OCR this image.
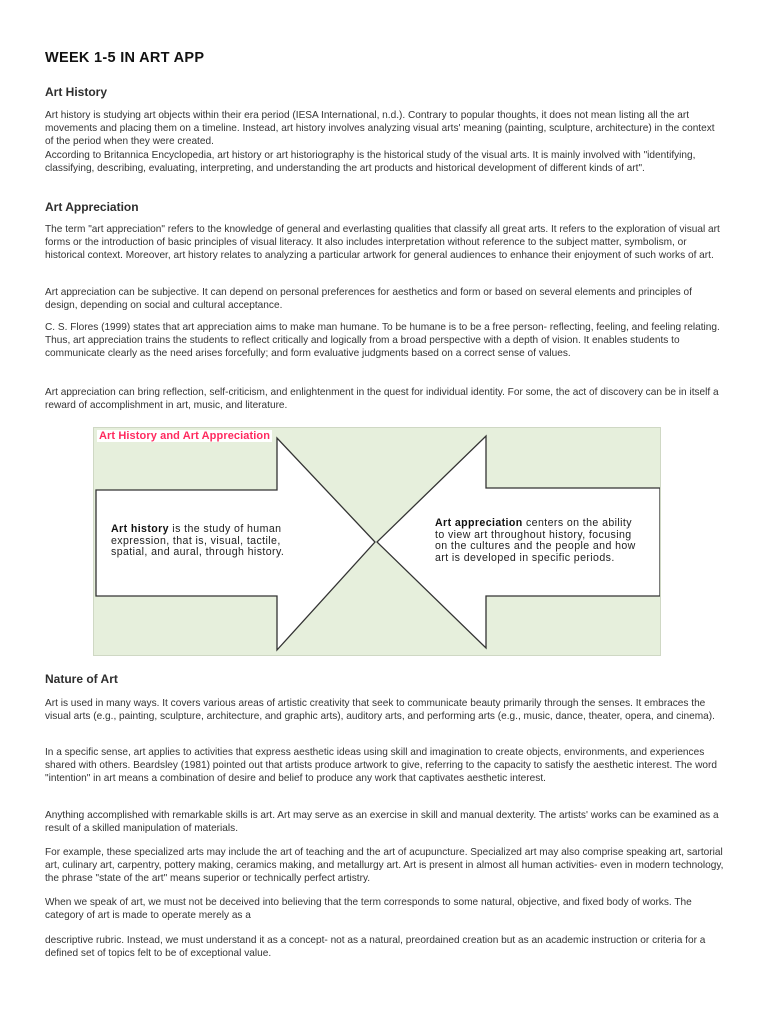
WEEK 1-5 IN ART APP
Art History

Art history is studying art objects within their era period (IESA International, n.d.). Contrary to popular thoughts, it does not mean listing all the art movements and placing them on a timeline. Instead, art history involves analyzing visual arts' meaning (painting, sculpture, architecture) in the context of the period when they were created.

According to Britannica Encyclopedia, art history or art historiography is the historical study of the visual arts. It is mainly involved with "identifying, classifying, describing, evaluating, interpreting, and understanding the art products and historical development of different kinds of art".

Art Appreciation

The term "art appreciation" refers to the knowledge of general and everlasting qualities that classify all great arts. It refers to the exploration of visual art forms or the introduction of basic principles of visual literacy. It also includes interpretation without reference to the subject matter, symbolism, or historical context. Moreover, art history relates to analyzing a particular artwork for general audiences to enhance their enjoyment of such works of art.

Art appreciation can be subjective. It can depend on personal preferences for aesthetics and form or based on several elements and principles of design, depending on social and cultural acceptance.

C. S. Flores (1999) states that art appreciation aims to make man humane. To be humane is to be a free person- reflecting, feeling, and feeling relating. Thus, art appreciation trains the students to reflect critically and logically from a broad perspective with a depth of vision. It enables students to communicate clearly as the need arises forcefully; and form evaluative judgments based on a correct sense of values.

Art appreciation can bring reflection, self-criticism, and enlightenment in the quest for individual identity. For some, the act of discovery can be in itself a reward of accomplishment in art, music, and literature.

Art History and Art Appreciation
Art history is the study of human expression, that is, visual, tactile, spatial, and aural, through history.
Art appreciation centers on the ability to view art throughout history, focusing on the cultures and the people and how art is developed in specific periods.
Nature of Art

Art is used in many ways. It covers various areas of artistic creativity that seek to communicate beauty primarily through the senses. It embraces the visual arts (e.g., painting, sculpture, architecture, and graphic arts), auditory arts, and performing arts (e.g., music, dance, theater, opera, and cinema).

In a specific sense, art applies to activities that express aesthetic ideas using skill and imagination to create objects, environments, and experiences shared with others. Beardsley (1981) pointed out that artists produce artwork to give, referring to the capacity to satisfy the aesthetic interest. The word "intention" in art means a combination of desire and belief to produce any work that captivates aesthetic interest.

Anything accomplished with remarkable skills is art. Art may serve as an exercise in skill and manual dexterity. The artists' works can be examined as a result of a skilled manipulation of materials.

For example, these specialized arts may include the art of teaching and the art of acupuncture. Specialized art may also comprise speaking art, sartorial art, culinary art, carpentry, pottery making, ceramics making, and metallurgy art. Art is present in almost all human activities- even in modern technology, the phrase "state of the art" means superior or technically perfect artistry.

When we speak of art, we must not be deceived into believing that the term corresponds to some natural, objective, and fixed body of works. The category of art is made to operate merely as a

descriptive rubric. Instead, we must understand it as a concept- not as a natural, preordained creation but as an academic instruction or criteria for a defined set of topics felt to be of exceptional value.
